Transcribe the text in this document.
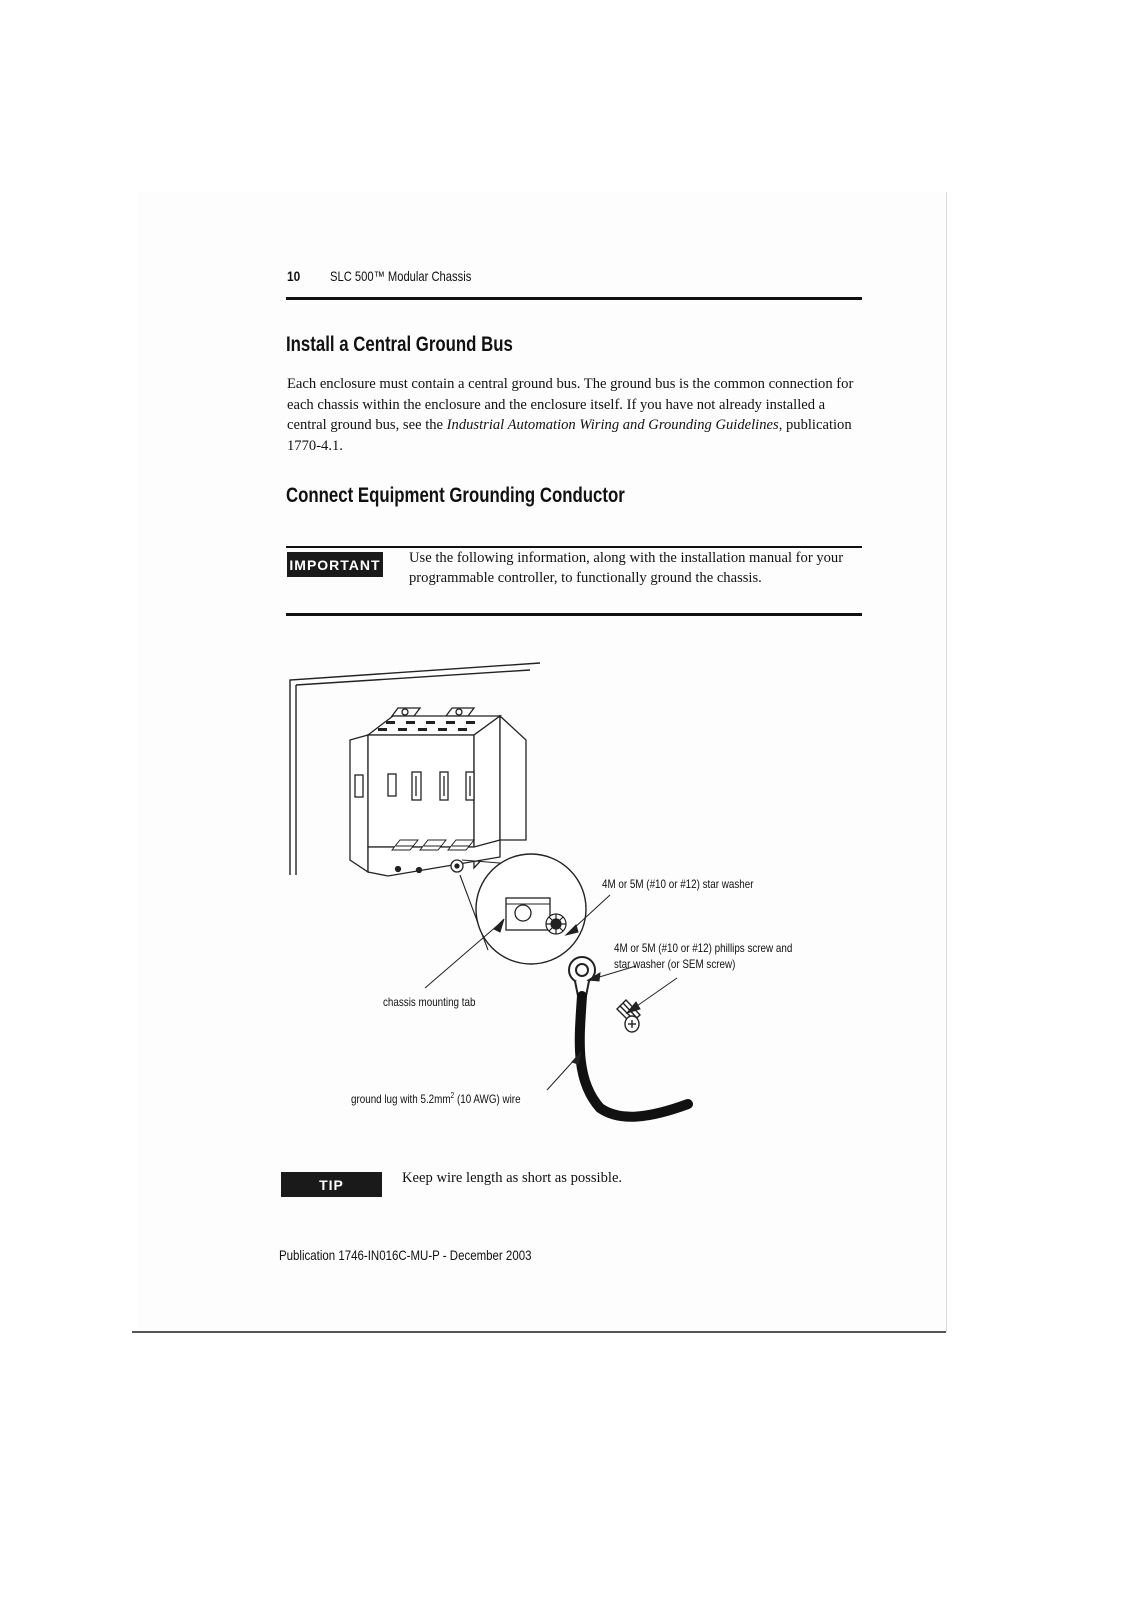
10 SLC 500™ Modular Chassis
Install a Central Ground Bus
Each enclosure must contain a central ground bus. The ground bus is the common connection for each chassis within the enclosure and the enclosure itself. If you have not already installed a central ground bus, see the Industrial Automation Wiring and Grounding Guidelines, publication 1770-4.1.
Connect Equipment Grounding Conductor
IMPORTANT Use the following information, along with the installation manual for your programmable controller, to functionally ground the chassis.
4M or 5M (#10 or #12) star washer
4M or 5M (#10 or #12) phillips screw and
star washer (or SEM screw)
chassis mounting tab
ground lug with $5.2mm^2$ (10 AWG) wire
TIP	Keep wire length as short as possible.
Publication 1746-IN016C-MU-P - December 2003
